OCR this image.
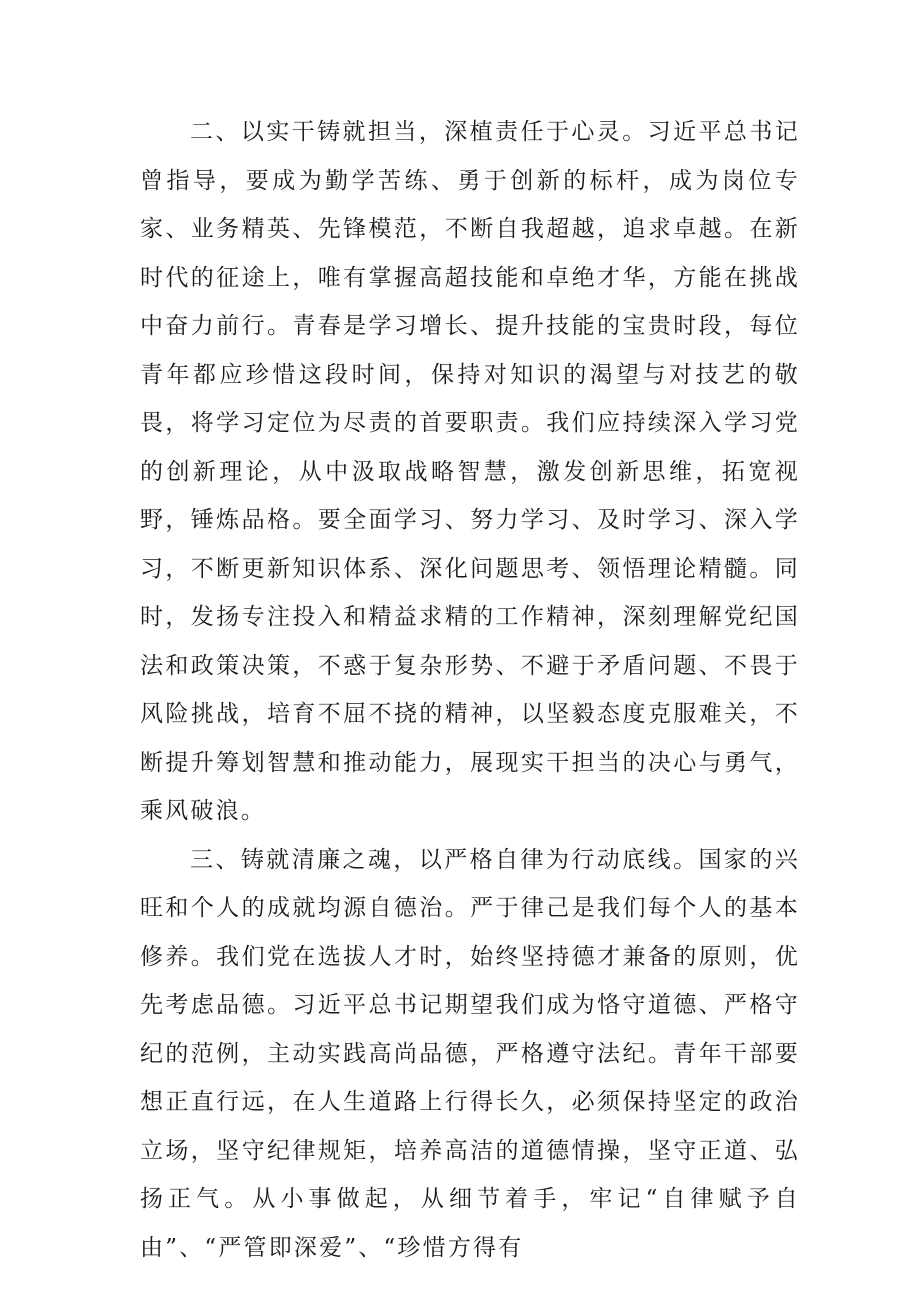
二、以实干铸就担当，深植责任于心灵。习近平总书记曾指导，要成为勤学苦练、勇于创新的标杆，成为岗位专家、业务精英、先锋模范，不断自我超越，追求卓越。在新时代的征途上，唯有掌握高超技能和卓绝才华，方能在挑战中奋力前行。青春是学习增长、提升技能的宝贵时段，每位青年都应珍惜这段时间，保持对知识的渴望与对技艺的敬畏，将学习定位为尽责的首要职责。我们应持续深入学习党的创新理论，从中汲取战略智慧，激发创新思维，拓宽视野，锤炼品格。要全面学习、努力学习、及时学习、深入学习，不断更新知识体系、深化问题思考、领悟理论精髓。同时，发扬专注投入和精益求精的工作精神，深刻理解党纪国法和政策决策，不惑于复杂形势、不避于矛盾问题、不畏于风险挑战，培育不屈不挠的精神，以坚毅态度克服难关，不断提升筹划智慧和推动能力，展现实干担当的决心与勇气，乘风破浪。

三、铸就清廉之魂，以严格自律为行动底线。国家的兴旺和个人的成就均源自德治。严于律己是我们每个人的基本修养。我们党在选拔人才时，始终坚持德才兼备的原则，优先考虑品德。习近平总书记期望我们成为恪守道德、严格守纪的范例，主动实践高尚品德，严格遵守法纪。青年干部要想正直行远，在人生道路上行得长久，必须保持坚定的政治立场，坚守纪律规矩，培养高洁的道德情操，坚守正道、弘扬正气。从小事做起，从细节着手，牢记“自律赋予自由”、“严管即深爱”、“珍惜方得有
